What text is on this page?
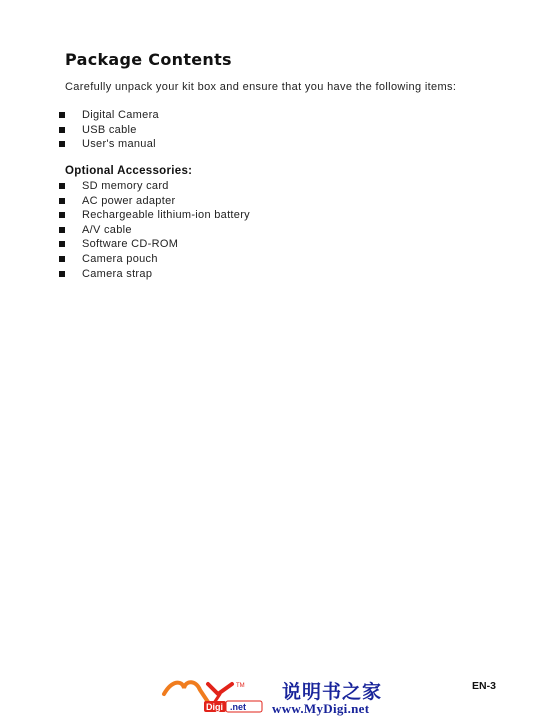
Package Contents
Carefully unpack your kit box and ensure that you have the following items:
Digital Camera
USB cable
User's manual
Optional Accessories:
SD memory card
AC power adapter
Rechargeable lithium-ion battery
A/V cable
Software CD-ROM
Camera pouch
Camera strap
TM
Digi .net
说明书之家
www.MyDigi.net
EN-3
